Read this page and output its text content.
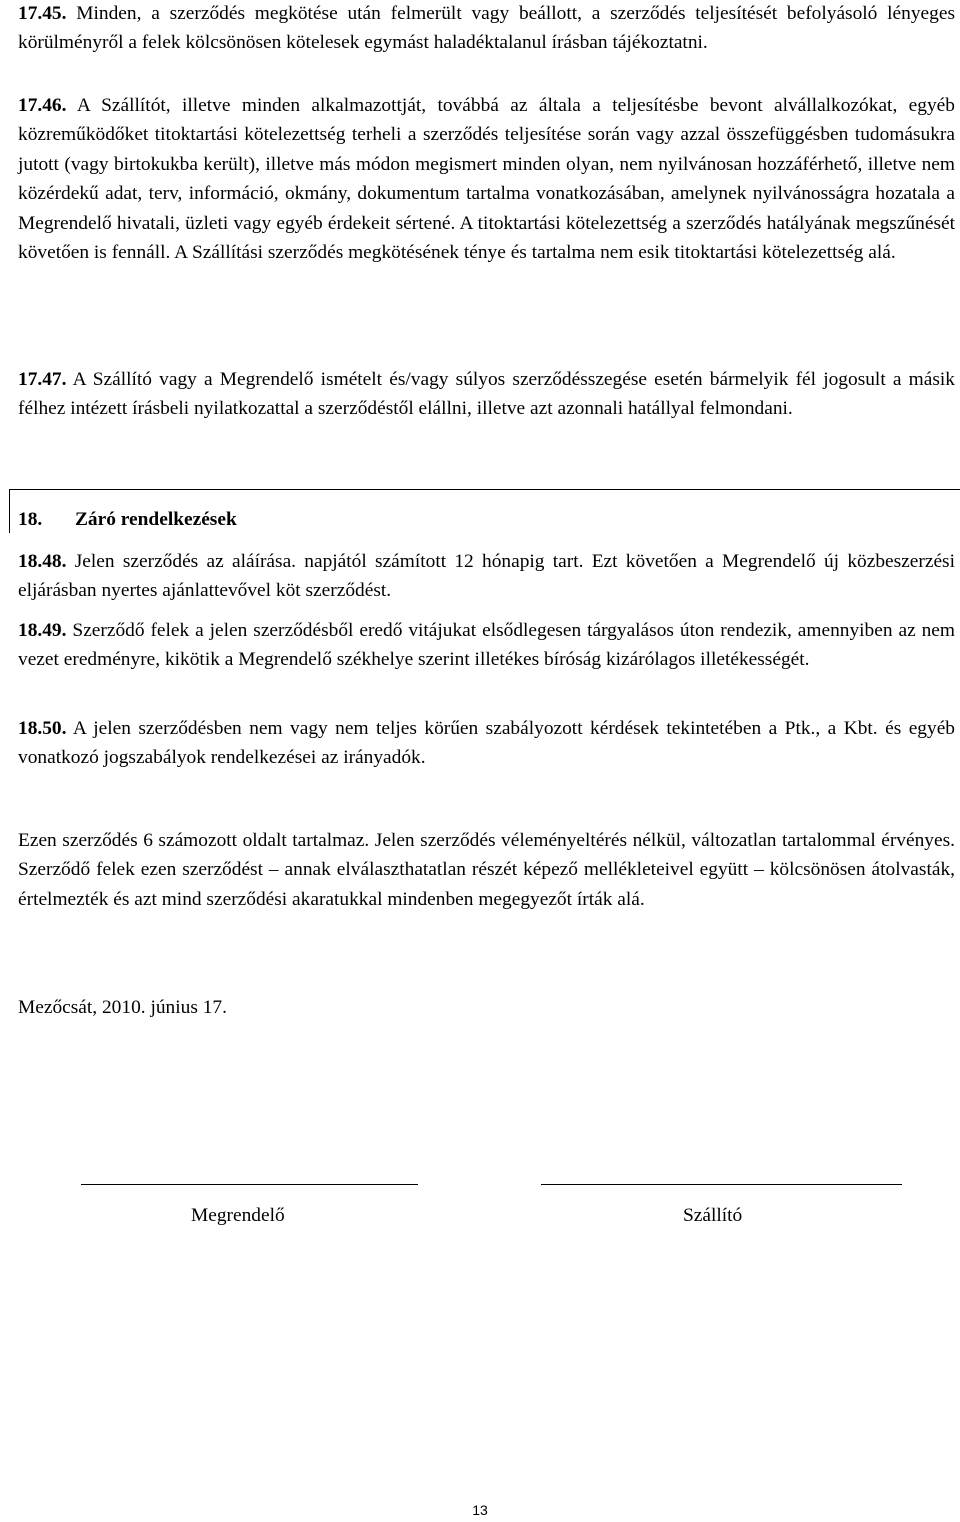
17.45. Minden, a szerződés megkötése után felmerült vagy beállott, a szerződés teljesítését befolyásoló lényeges körülményről a felek kölcsönösen kötelesek egymást haladéktalanul írásban tájékoztatni.

17.46. A Szállítót, illetve minden alkalmazottját, továbbá az általa a teljesítésbe bevont alvállalkozókat, egyéb közreműködőket titoktartási kötelezettség terheli a szerződés teljesítése során vagy azzal összefüggésben tudomásukra jutott (vagy birtokukba került), illetve más módon megismert minden olyan, nem nyilvánosan hozzáférhető, illetve nem közérdekű adat, terv, információ, okmány, dokumentum tartalma vonatkozásában, amelynek nyilvánosságra hozatala a Megrendelő hivatali, üzleti vagy egyéb érdekeit sértené. A titoktartási kötelezettség a szerződés hatályának megszűnését követően is fennáll. A Szállítási szerződés megkötésének ténye és tartalma nem esik titoktartási kötelezettség alá.

17.47. A Szállító vagy a Megrendelő ismételt és/vagy súlyos szerződésszegése esetén bármelyik fél jogosult a másik félhez intézett írásbeli nyilatkozattal a szerződéstől elállni, illetve azt azonnali hatállyal felmondani.

18. Záró rendelkezések

18.48. Jelen szerződés az aláírása. napjától számított 12 hónapig tart. Ezt követően a Megrendelő új közbeszerzési eljárásban nyertes ajánlattevővel köt szerződést.

18.49. Szerződő felek a jelen szerződésből eredő vitájukat elsődlegesen tárgyalásos úton rendezik, amennyiben az nem vezet eredményre, kikötik a Megrendelő székhelye szerint illetékes bíróság kizárólagos illetékességét.

18.50. A jelen szerződésben nem vagy nem teljes körűen szabályozott kérdések tekintetében a Ptk., a Kbt. és egyéb vonatkozó jogszabályok rendelkezései az irányadók.

Ezen szerződés 6 számozott oldalt tartalmaz. Jelen szerződés véleményeltérés nélkül, változatlan tartalommal érvényes. Szerződő felek ezen szerződést – annak elválaszthatatlan részét képező mellékleteivel együtt – kölcsönösen átolvasták, értelmezték és azt mind szerződési akaratukkal mindenben megegyezőt írták alá.

Mezőcsát, 2010. június 17.

Megrendelő	Szállító

13
